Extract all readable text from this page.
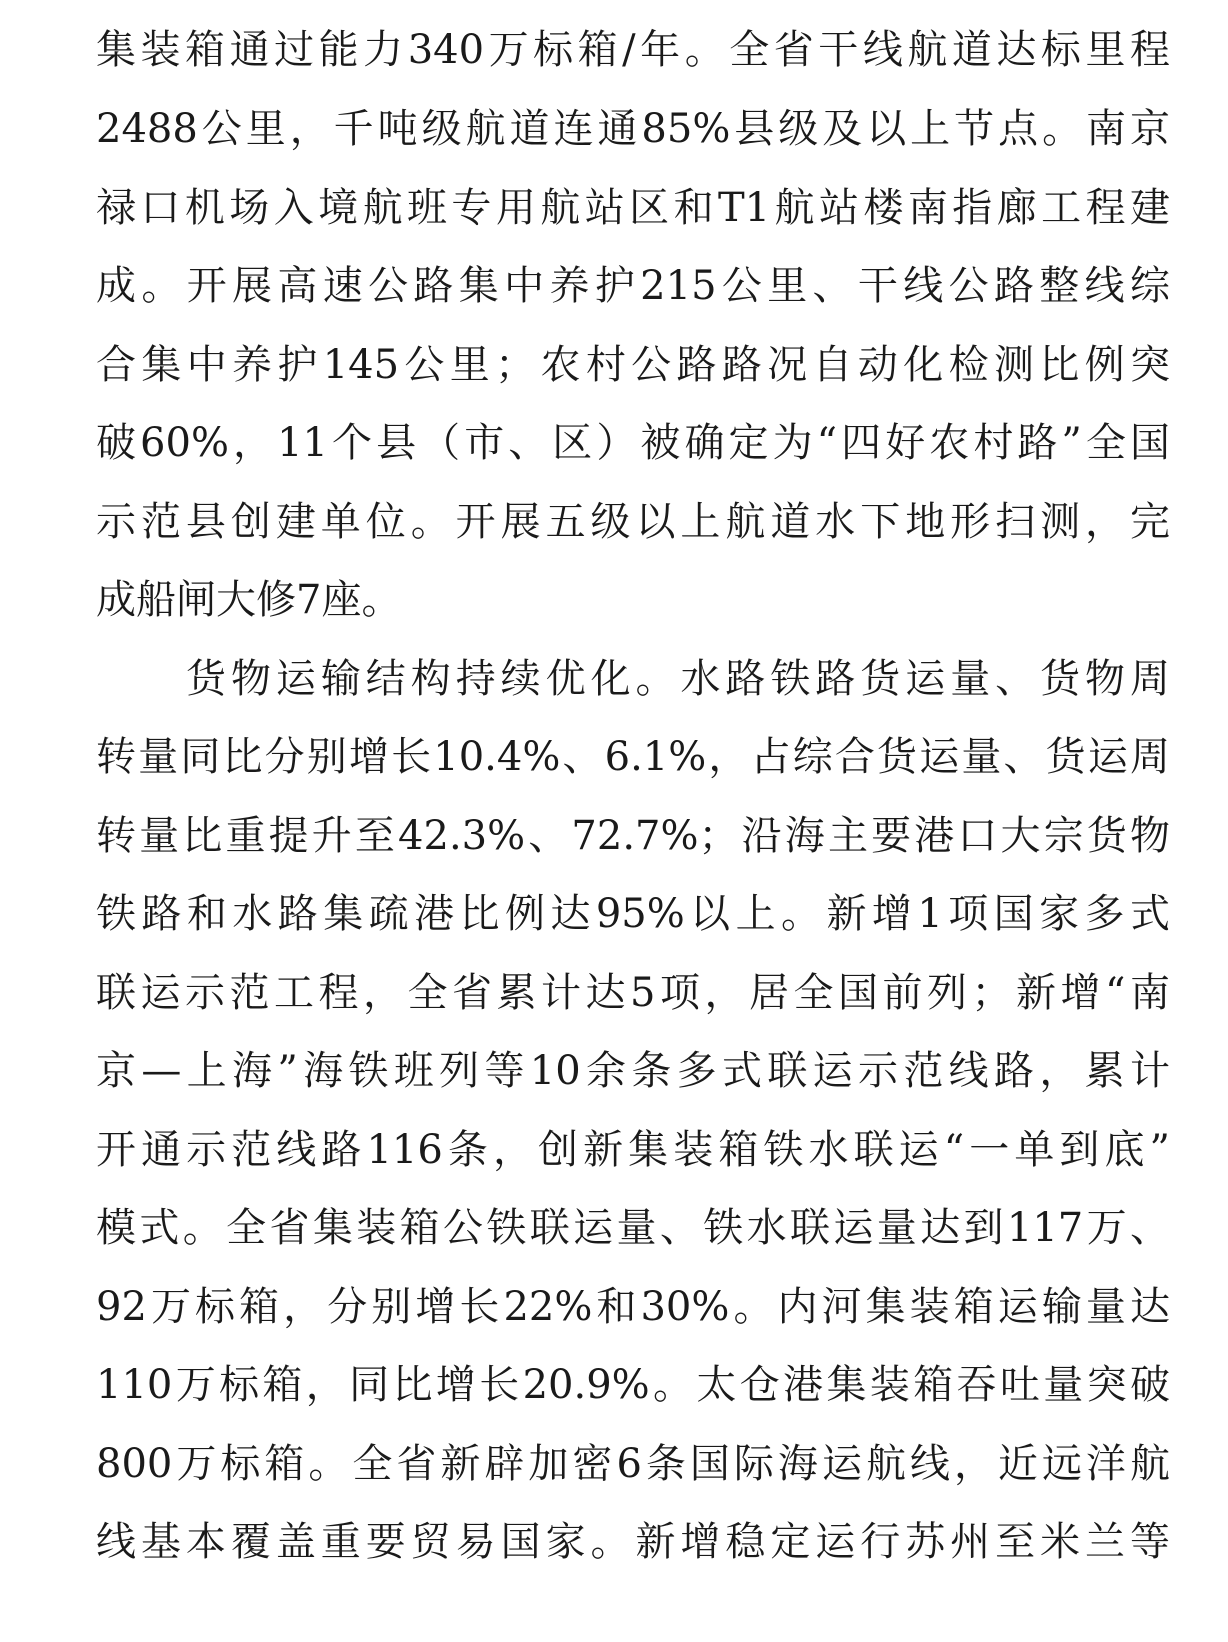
集装箱通过能力340万标箱/年。全省干线航道达标里程

2488公里，千吨级航道连通85%县级及以上节点。南京

禄口机场入境航班专用航站区和T1航站楼南指廊工程建

成。开展高速公路集中养护215公里、干线公路整线综

合集中养护145公里；农村公路路况自动化检测比例突

破60%，11个县（市、区）被确定为“四好农村路”全国

示范县创建单位。开展五级以上航道水下地形扫测，完

成船闸大修7座。

货物运输结构持续优化。水路铁路货运量、货物周

转量同比分别增长10.4%、6.1%，占综合货运量、货运周

转量比重提升至42.3%、72.7%；沿海主要港口大宗货物

铁路和水路集疏港比例达95%以上。新增1项国家多式

联运示范工程，全省累计达5项，居全国前列；新增“南

京—上海”海铁班列等10余条多式联运示范线路，累计

开通示范线路116条，创新集装箱铁水联运“一单到底”

模式。全省集装箱公铁联运量、铁水联运量达到117万、

92万标箱，分别增长22%和30%。内河集装箱运输量达

110万标箱，同比增长20.9%。太仓港集装箱吞吐量突破

800万标箱。全省新辟加密6条国际海运航线，近远洋航

线基本覆盖重要贸易国家。新增稳定运行苏州至米兰等
